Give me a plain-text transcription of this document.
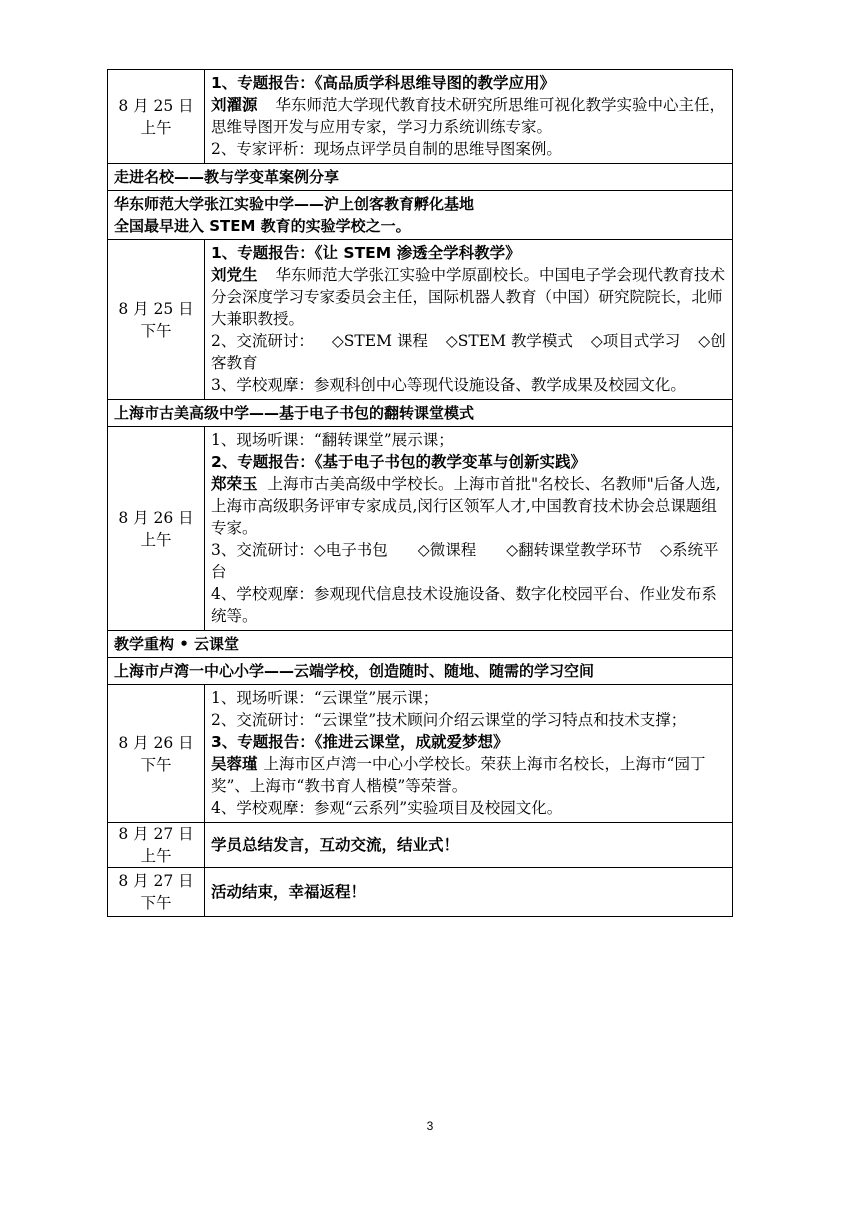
8 月 25 日
上午	1、专题报告：《高品质学科思维导图的教学应用》
刘濯源 华东师范大学现代教育技术研究所思维可视化教学实验中心主任，思维导图开发与应用专家，学习力系统训练专家。
2、专家评析：现场点评学员自制的思维导图案例。

走进名校——教与学变革案例分享	

华东师范大学张江实验中学——沪上创客教育孵化基地
全国最早进入 STEM 教育的实验学校之一。	

8 月 25 日
下午	1、专题报告：《让 STEM 渗透全学科教学》
刘党生 华东师范大学张江实验中学原副校长。中国电子学会现代教育技术分会深度学习专家委员会主任，国际机器人教育（中国）研究院院长，北师大兼职教授。
2、交流研讨： ◇STEM 课程 ◇STEM 教学模式 ◇项目式学习 ◇创客教育
3、学校观摩：参观科创中心等现代设施设备、教学成果及校园文化。

上海市古美高级中学——基于电子书包的翻转课堂模式	

8 月 26 日
上午	1、现场听课：“翻转课堂”展示课；
2、专题报告：《基于电子书包的教学变革与创新实践》
郑荣玉 上海市古美高级中学校长。上海市首批"名校长、名教师"后备人选,上海市高级职务评审专家成员,闵行区领军人才,中国教育技术协会总课题组专家。
3、交流研讨：◇电子书包 ◇微课程 ◇翻转课堂教学环节 ◇系统平台
4、学校观摩：参观现代信息技术设施设备、数字化校园平台、作业发布系统等。

教学重构 • 云课堂	
上海市卢湾一中心小学——云端学校，创造随时、随地、随需的学习空间	

8 月 26 日
下午	1、现场听课：“云课堂”展示课；
2、交流研讨：“云课堂”技术顾问介绍云课堂的学习特点和技术支撑；
3、专题报告：《推进云课堂，成就爱梦想》
吴蓉瑾 上海市区卢湾一中心小学校长。荣获上海市名校长，上海市“园丁奖”、上海市“教书育人楷模”等荣誉。
4、学校观摩：参观“云系列”实验项目及校园文化。

8 月 27 日
上午	学员总结发言，互动交流，结业式！

8 月 27 日
下午	活动结束，幸福返程！
3
